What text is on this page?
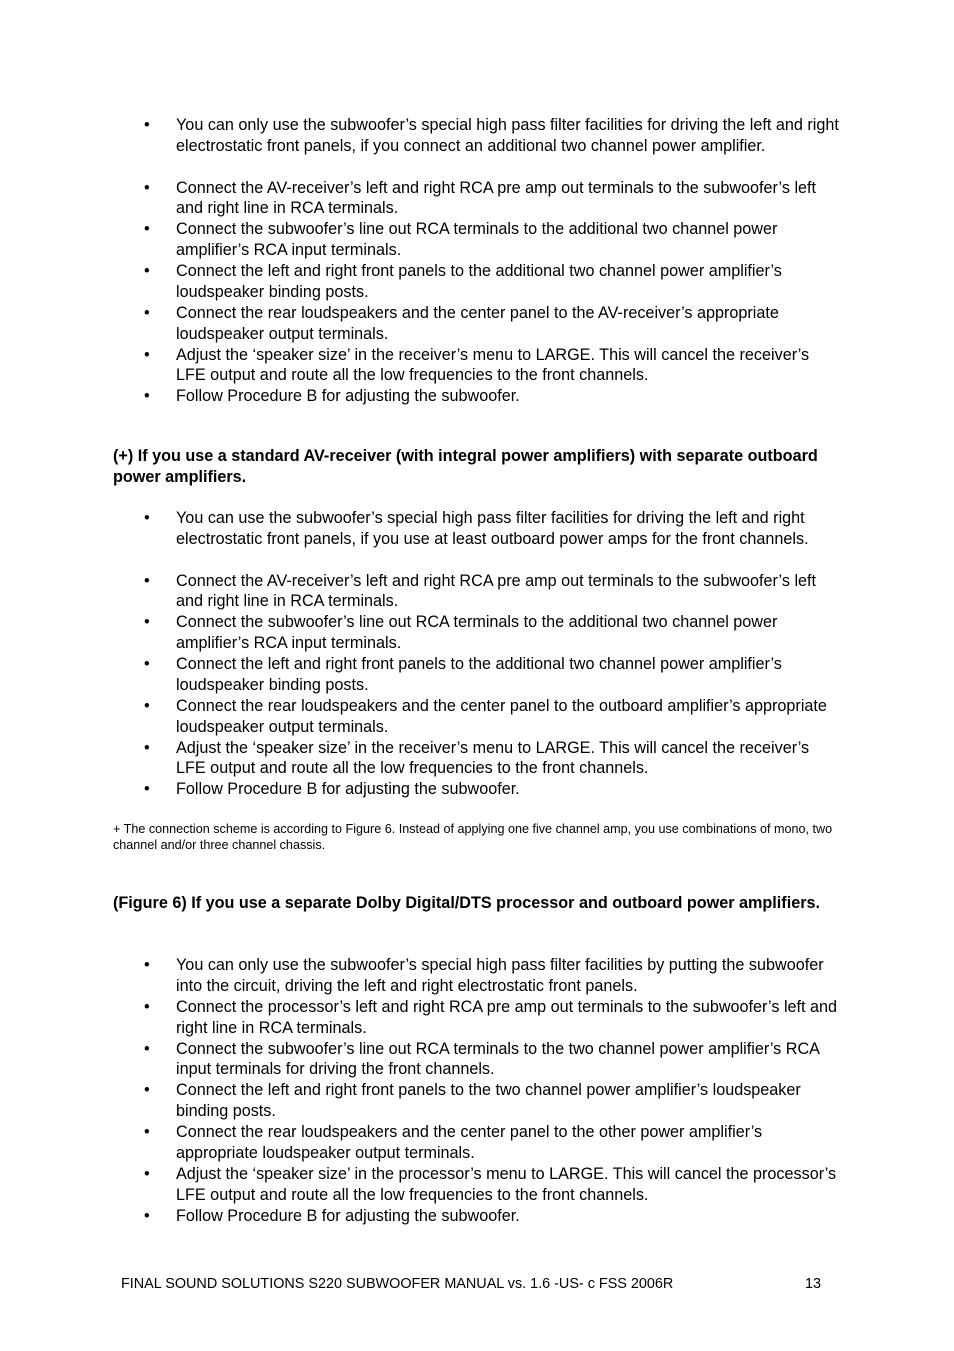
• You can only use the subwoofer’s special high pass filter facilities for driving the left and right electrostatic front panels, if you connect an additional two channel power amplifier.
• Connect the AV-receiver’s left and right RCA pre amp out terminals to the subwoofer’s left and right line in RCA terminals.
• Connect the subwoofer’s line out RCA terminals to the additional two channel power amplifier’s RCA input terminals.
• Connect the left and right front panels to the additional two channel power amplifier’s loudspeaker binding posts.
• Connect the rear loudspeakers and the center panel to the AV-receiver’s appropriate loudspeaker output terminals.
• Adjust the ‘speaker size’ in the receiver’s menu to LARGE. This will cancel the receiver’s LFE output and route all the low frequencies to the front channels.
• Follow Procedure B for adjusting the subwoofer.
(+) If you use a standard AV-receiver (with integral power amplifiers) with separate outboard power amplifiers.
• You can use the subwoofer’s special high pass filter facilities for driving the left and right electrostatic front panels, if you use at least outboard power amps for the front channels.
• Connect the AV-receiver’s left and right RCA pre amp out terminals to the subwoofer’s left and right line in RCA terminals.
• Connect the subwoofer’s line out RCA terminals to the additional two channel power amplifier’s RCA input terminals.
• Connect the left and right front panels to the additional two channel power amplifier’s loudspeaker binding posts.
• Connect the rear loudspeakers and the center panel to the outboard amplifier’s appropriate loudspeaker output terminals.
• Adjust the ‘speaker size’ in the receiver’s menu to LARGE. This will cancel the receiver’s LFE output and route all the low frequencies to the front channels.
• Follow Procedure B for adjusting the subwoofer.
+ The connection scheme is according to Figure 6. Instead of applying one five channel amp, you use combinations of mono, two channel and/or three channel chassis.
(Figure 6) If you use a separate Dolby Digital/DTS processor and outboard power amplifiers.
• You can only use the subwoofer’s special high pass filter facilities by putting the subwoofer into the circuit, driving the left and right electrostatic front panels.
• Connect the processor’s left and right RCA pre amp out terminals to the subwoofer’s left and right line in RCA terminals.
• Connect the subwoofer’s line out RCA terminals to the two channel power amplifier’s RCA input terminals for driving the front channels.
• Connect the left and right front panels to the two channel power amplifier’s loudspeaker binding posts.
• Connect the rear loudspeakers and the center panel to the other power amplifier’s appropriate loudspeaker output terminals.
• Adjust the ‘speaker size’ in the processor’s menu to LARGE. This will cancel the processor’s LFE output and route all the low frequencies to the front channels.
• Follow Procedure B for adjusting the subwoofer.
FINAL SOUND SOLUTIONS S220 SUBWOOFER MANUAL vs. 1.6 -US- c FSS 2006R	13
